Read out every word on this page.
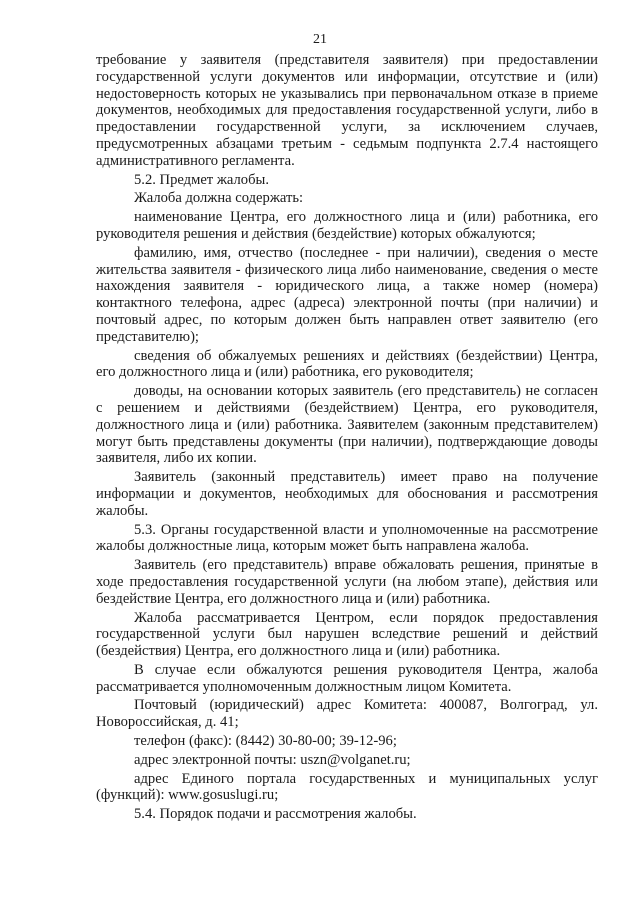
21

требование у заявителя (представителя заявителя) при предоставлении государственной услуги документов или информации, отсутствие и (или) недостоверность которых не указывались при первоначальном отказе в приеме документов, необходимых для предоставления государственной услуги, либо в предоставлении государственной услуги, за исключением случаев, предусмотренных абзацами третьим - седьмым подпункта 2.7.4 настоящего административного регламента.

5.2. Предмет жалобы.

Жалоба должна содержать:

наименование Центра, его должностного лица и (или) работника, его руководителя решения и действия (бездействие) которых обжалуются;

фамилию, имя, отчество (последнее - при наличии), сведения о месте жительства заявителя - физического лица либо наименование, сведения о месте нахождения заявителя - юридического лица, а также номер (номера) контактного телефона, адрес (адреса) электронной почты (при наличии) и почтовый адрес, по которым должен быть направлен ответ заявителю (его представителю);

сведения об обжалуемых решениях и действиях (бездействии) Центра, его должностного лица и (или) работника, его руководителя;

доводы, на основании которых заявитель (его представитель) не согласен с решением и действиями (бездействием) Центра, его руководителя, должностного лица и (или) работника. Заявителем (законным представителем) могут быть представлены документы (при наличии), подтверждающие доводы заявителя, либо их копии.

Заявитель (законный представитель) имеет право на получение информации и документов, необходимых для обоснования и рассмотрения жалобы.

5.3. Органы государственной власти и уполномоченные на рассмотрение жалобы должностные лица, которым может быть направлена жалоба.

Заявитель (его представитель) вправе обжаловать решения, принятые в ходе предоставления государственной услуги (на любом этапе), действия или бездействие Центра, его должностного лица и (или) работника.

Жалоба рассматривается Центром, если порядок предоставления государственной услуги был нарушен вследствие решений и действий (бездействия) Центра, его должностного лица и (или) работника.

В случае если обжалуются решения руководителя Центра, жалоба рассматривается уполномоченным должностным лицом Комитета.

Почтовый (юридический) адрес Комитета: 400087, Волгоград, ул. Новороссийская, д. 41;

телефон (факс): (8442) 30-80-00; 39-12-96;

адрес электронной почты: uszn@volganet.ru;

адрес Единого портала государственных и муниципальных услуг (функций): www.gosuslugi.ru;

5.4. Порядок подачи и рассмотрения жалобы.
